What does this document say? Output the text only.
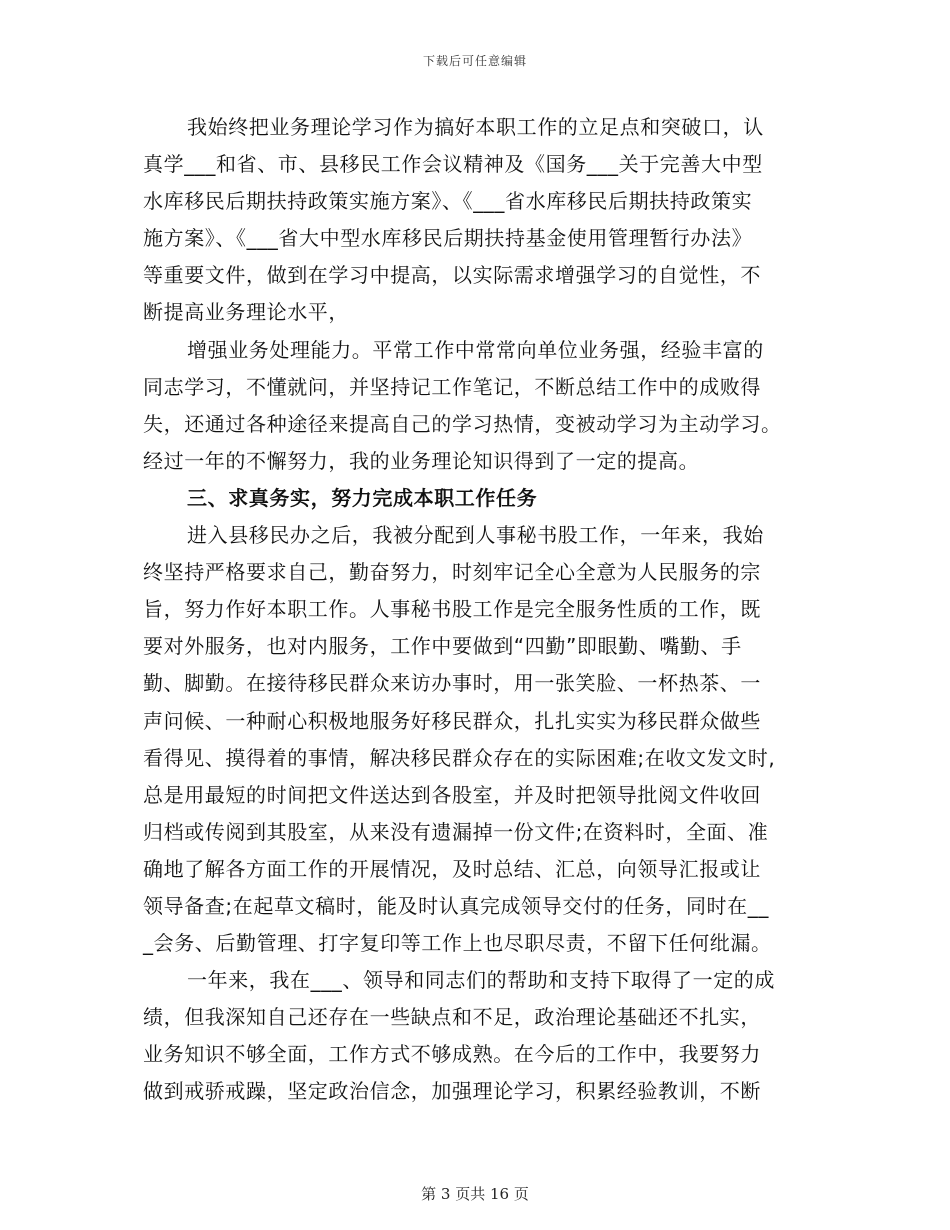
下载后可任意编辑
我始终把业务理论学习作为搞好本职工作的立足点和突破口，认
真学___和省、市、县移民工作会议精神及《国务___关于完善大中型
水库移民后期扶持政策实施方案》、《___省水库移民后期扶持政策实
施方案》、《___省大中型水库移民后期扶持基金使用管理暂行办法》
等重要文件，做到在学习中提高，以实际需求增强学习的自觉性，不
断提高业务理论水平，
增强业务处理能力。平常工作中常常向单位业务强，经验丰富的
同志学习，不懂就问，并坚持记工作笔记，不断总结工作中的成败得
失，还通过各种途径来提高自己的学习热情，变被动学习为主动学习。
经过一年的不懈努力，我的业务理论知识得到了一定的提高。
三、求真务实，努力完成本职工作任务
进入县移民办之后，我被分配到人事秘书股工作，一年来，我始
终坚持严格要求自己，勤奋努力，时刻牢记全心全意为人民服务的宗
旨，努力作好本职工作。人事秘书股工作是完全服务性质的工作，既
要对外服务，也对内服务，工作中要做到“四勤”即眼勤、嘴勤、手
勤、脚勤。在接待移民群众来访办事时，用一张笑脸、一杯热茶、一
声问候、一种耐心积极地服务好移民群众，扎扎实实为移民群众做些
看得见、摸得着的事情，解决移民群众存在的实际困难;在收文发文时,
总是用最短的时间把文件送达到各股室，并及时把领导批阅文件收回
归档或传阅到其股室，从来没有遗漏掉一份文件;在资料时，全面、准
确地了解各方面工作的开展情况，及时总结、汇总，向领导汇报或让
领导备查;在起草文稿时，能及时认真完成领导交付的任务，同时在__
_会务、后勤管理、打字复印等工作上也尽职尽责，不留下任何纰漏。
一年来，我在___、领导和同志们的帮助和支持下取得了一定的成
绩，但我深知自己还存在一些缺点和不足，政治理论基础还不扎实，
业务知识不够全面，工作方式不够成熟。在今后的工作中，我要努力
做到戒骄戒躁，坚定政治信念，加强理论学习，积累经验教训，不断
第 3 页共 16 页
